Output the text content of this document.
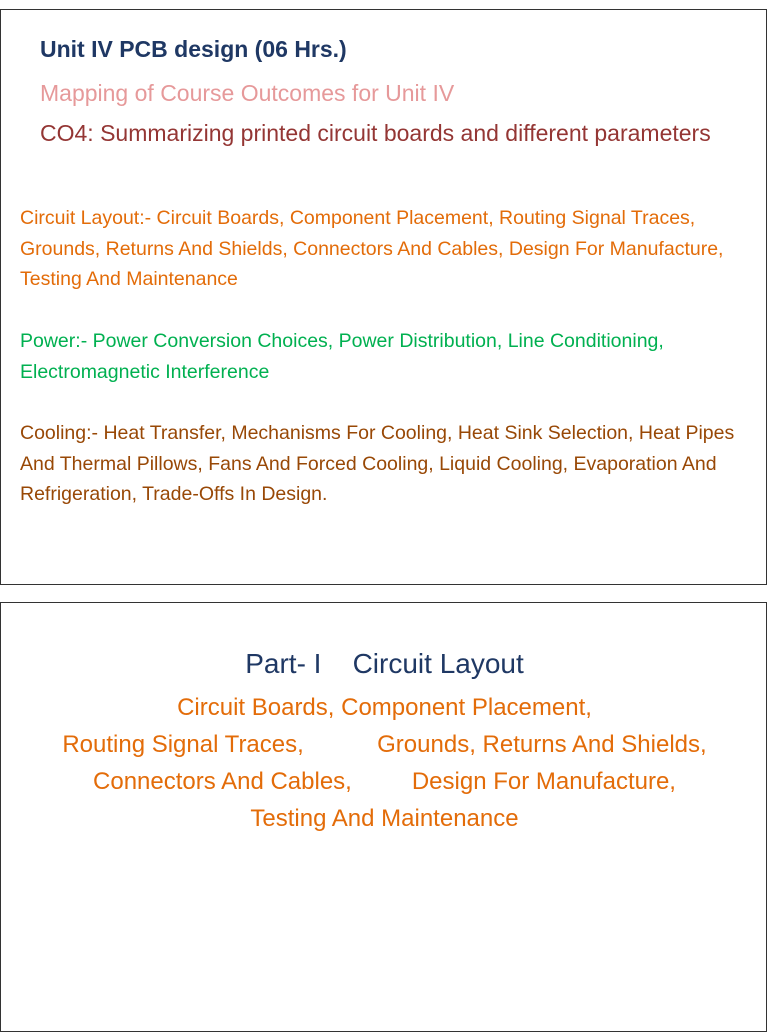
Unit IV PCB design (06 Hrs.)
Mapping of Course Outcomes for Unit IV
CO4: Summarizing printed circuit boards and different parameters
Circuit Layout:- Circuit Boards, Component Placement, Routing Signal Traces, Grounds, Returns And Shields, Connectors And Cables, Design For Manufacture, Testing And Maintenance
Power:- Power Conversion Choices, Power Distribution, Line Conditioning, Electromagnetic Interference
Cooling:- Heat Transfer, Mechanisms For Cooling, Heat Sink Selection, Heat Pipes And Thermal Pillows, Fans And Forced Cooling, Liquid Cooling, Evaporation And Refrigeration, Trade-Offs In Design.
Part- I    Circuit Layout
Circuit Boards, Component Placement,
Routing Signal Traces,           Grounds, Returns And Shields,
Connectors And Cables,         Design For Manufacture,
Testing And Maintenance
